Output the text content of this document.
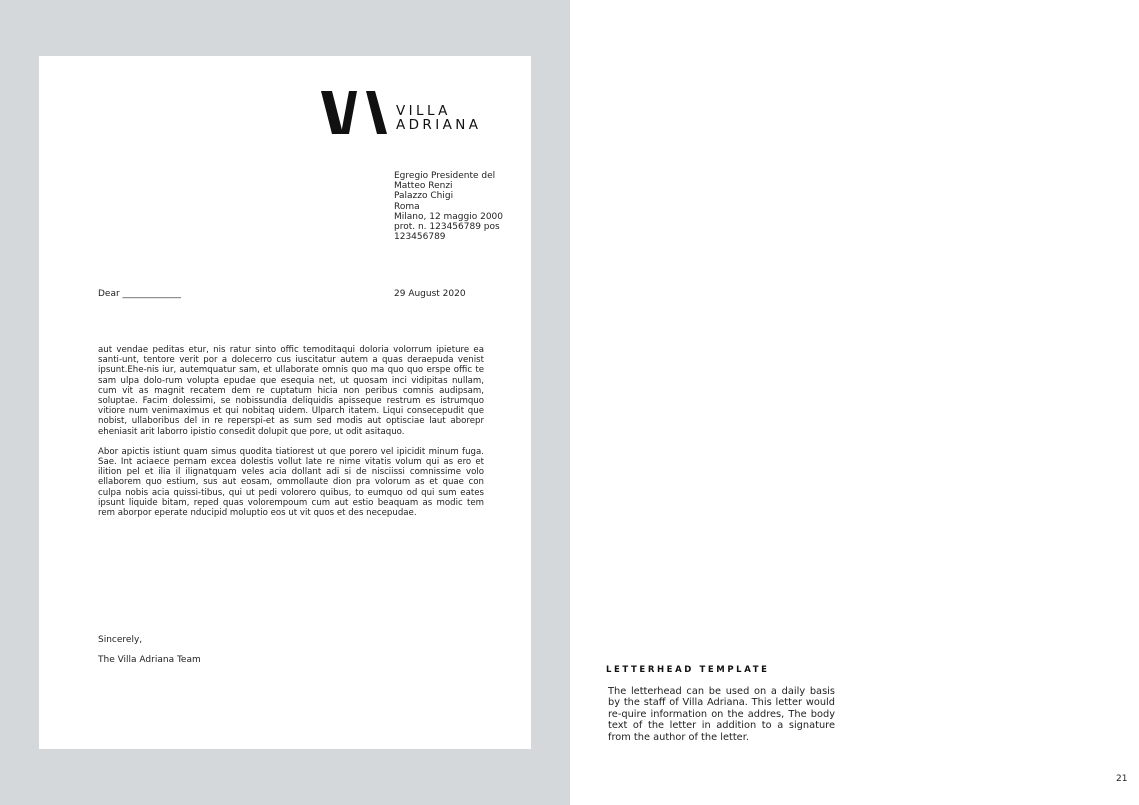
VILLA
ADRIANA
Egregio Presidente del
Matteo Renzi
Palazzo Chigi
Roma
Milano, 12 maggio 2000
prot. n. 123456789 pos 123456789
Dear _____________	29 August 2020

aut vendae peditas etur, nis ratur sinto offic temoditaqui doloria volorrum ipieture ea santi-unt, tentore verit por a dolecerro cus iuscitatur autem a quas deraepuda venist ipsunt.Ehe-nis iur, autemquatur sam, et ullaborate omnis quo ma quo quo erspe offic te sam ulpa dolo-rum volupta epudae que esequia net, ut quosam inci vidipitas nullam, cum vit as magnit recatem dem re cuptatum hicia non peribus comnis audipsam, soluptae. Facim dolessimi, se nobissundia deliquidis apisseque restrum es istrumquo vitiore num venimaximus et qui nobitaq uidem. Ulparch itatem. Liqui consecepudit que nobist, ullaboribus del in re reperspi-et as sum sed modis aut optisciae laut aborepr eheniasit arit laborro ipistio consedit dolupit que pore, ut odit asitaquo.

Abor apictis istiunt quam simus quodita tiatiorest ut que porero vel ipicidit minum fuga. Sae. Int aciaece pernam excea dolestis vollut late re nime vitatis volum qui as ero et ilition pel et ilia il ilignatquam veles acia dollant adi si de nisciissi comnissime volo ellaborem quo estium, sus aut eosam, ommollaute dion pra volorum as et quae con culpa nobis acia quissi-tibus, qui ut pedi volorero quibus, to eumquo od qui sum eates ipsunt liquide bitam, reped quas volorempoum cum aut estio beaquam as modic tem rem aborpor eperate nducipid moluptio eos ut vit quos et des necepudae.

Sincerely,
The Villa Adriana Team
LETTERHEAD TEMPLATE
The letterhead can be used on a daily basis by the staff of Villa Adriana. This letter would re-quire information on the addres, The body text of the letter in addition to a signature from the author of the letter.
21
